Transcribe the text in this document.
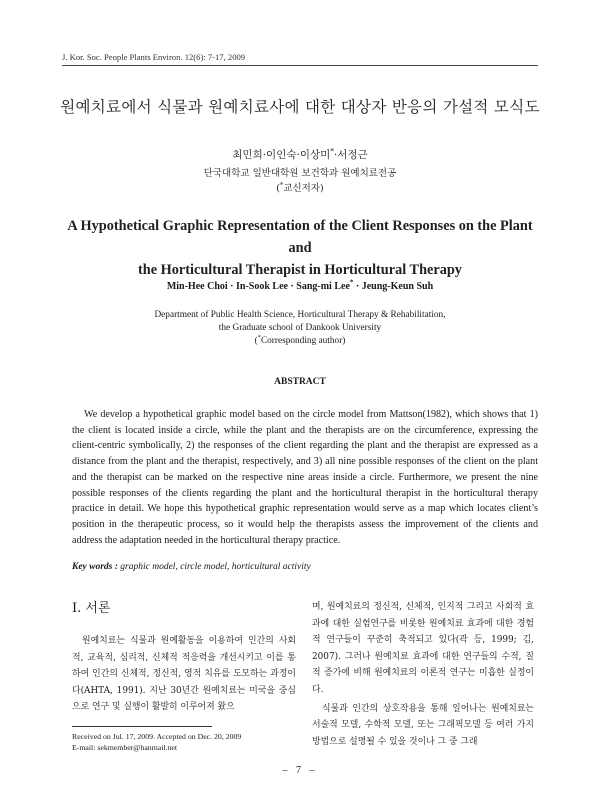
J. Kor. Soc. People Plants Environ. 12(6): 7-17, 2009
원예치료에서 식물과 원예치료사에 대한 대상자 반응의 가설적 모식도
최민희·이인숙·이상미*·서정근
단국대학교 일반대학원 보건학과 원예치료전공
(*교신저자)
A Hypothetical Graphic Representation of the Client Responses on the Plant and
the Horticultural Therapist in Horticultural Therapy
Min-Hee Choi · In-Sook Lee · Sang-mi Lee* · Jeung-Keun Suh
Department of Public Health Science, Horticultural Therapy & Rehabilitation,
the Graduate school of Dankook University
(*Corresponding author)
ABSTRACT
We develop a hypothetical graphic model based on the circle model from Mattson(1982), which shows that 1) the client is located inside a circle, while the plant and the therapists are on the circumference, expressing the client-centric symbolically, 2) the responses of the client regarding the plant and the therapist are expressed as a distance from the plant and the therapist, respectively, and 3) all nine possible responses of the client on the plant and the therapist can be marked on the respective nine areas inside a circle. Furthermore, we present the nine possible responses of the clients regarding the plant and the horticultural therapist in the horticultural therapy practice in detail. We hope this hypothetical graphic representation would serve as a map which locates client’s position in the therapeutic process, so it would help the therapists assess the improvement of the clients and address the adaptation needed in the horticultural therapy practice.
Key words : graphic model, circle model, horticultural activity
Ⅰ. 서론

원예치료는 식물과 원예활동을 이용하여 인간의 사회적, 교육적, 심리적, 신체적 적응력을 개선시키고 이를 통하여 인간의 신체적, 정신적, 영적 치유를 도모하는 과정이다(AHTA, 1991). 지난 30년간 원예치료는 미국을 중심으로 연구 및 실행이 활발히 이루어져 왔으

며, 원예치료의 정신적, 신체적, 인지적 그리고 사회적 효과에 대한 실험연구를 비롯한 원예치료 효과에 대한 경험적 연구들이 꾸준히 축적되고 있다(곽 등, 1999; 김, 2007). 그러나 원예치료 효과에 대한 연구들의 수적, 질적 증가에 비해 원예치료의 이론적 연구는 미흡한 실정이다.

식물과 인간의 상호작용을 통해 일어나는 원예치료는 서술적 모델, 수학적 모델, 또는 그래픽모델 등 여러 가지 방법으로 설명될 수 있을 것이나 그 중 그래

Received on Jul. 17, 2009. Accepted on Dec. 20, 2009
E-mail: sekmember@hanmail.net
– 7 –
